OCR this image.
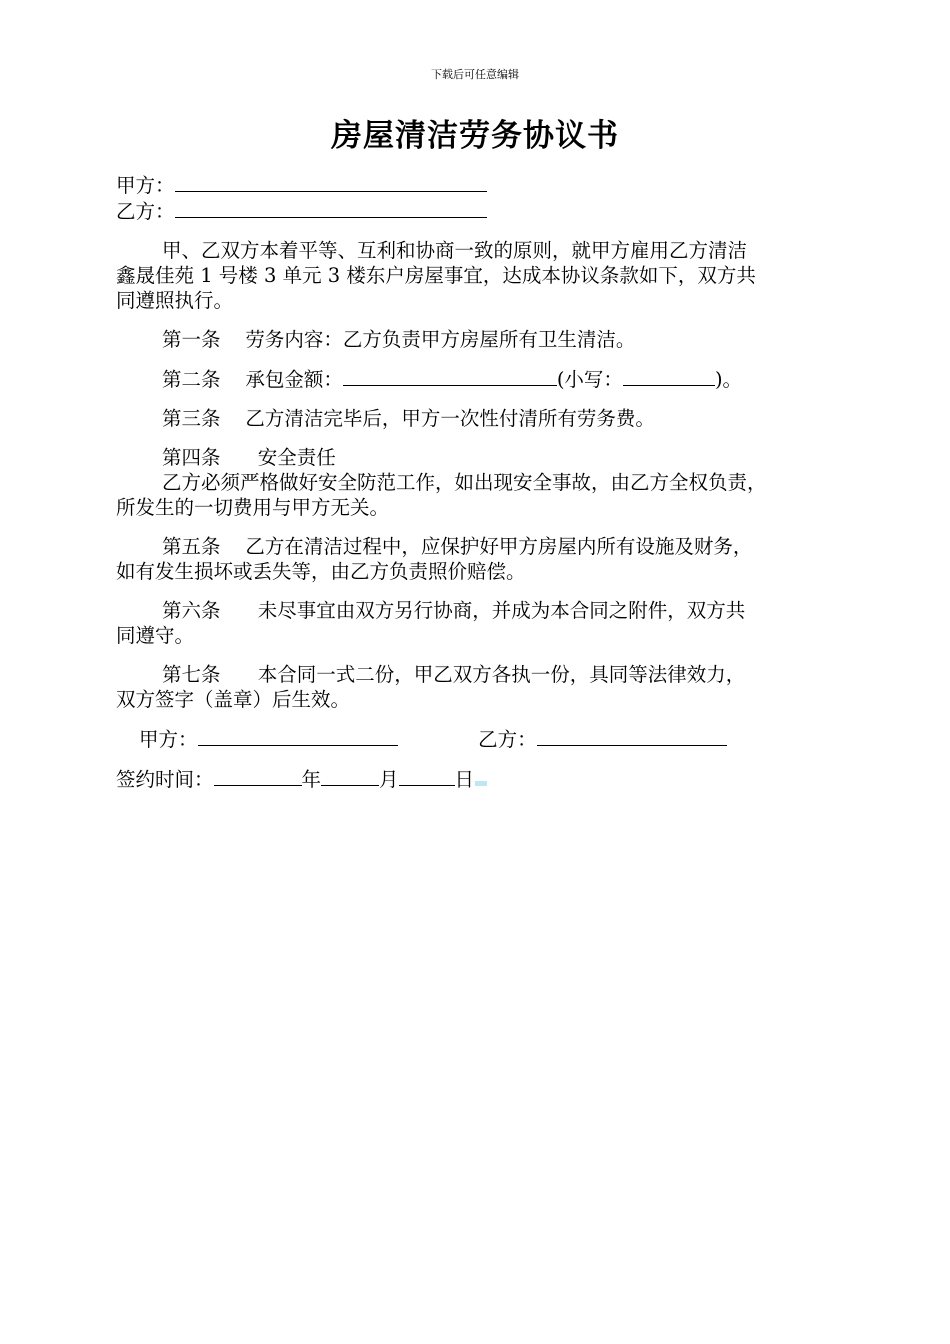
下载后可任意编辑
房屋清洁劳务协议书
甲方：
乙方：
甲、乙双方本着平等、互利和协商一致的原则，就甲方雇用乙方清洁
鑫晟佳苑 1 号楼 3 单元 3 楼东户房屋事宜，达成本协议条款如下，双方共
同遵照执行。
第一条 劳务内容：乙方负责甲方房屋所有卫生清洁。
第二条 承包金额：	(小写：	)。
第三条 乙方清洁完毕后，甲方一次性付清所有劳务费。
第四条 安全责任
乙方必须严格做好安全防范工作，如出现安全事故，由乙方全权负责，
所发生的一切费用与甲方无关。
第五条 乙方在清洁过程中，应保护好甲方房屋内所有设施及财务，
如有发生损坏或丢失等，由乙方负责照价赔偿。
第六条 未尽事宜由双方另行协商，并成为本合同之附件，双方共
同遵守。
第七条 本合同一式二份，甲乙双方各执一份，具同等法律效力，
双方签字（盖章）后生效。
甲方：	乙方：
签约时间：	年	月	日
